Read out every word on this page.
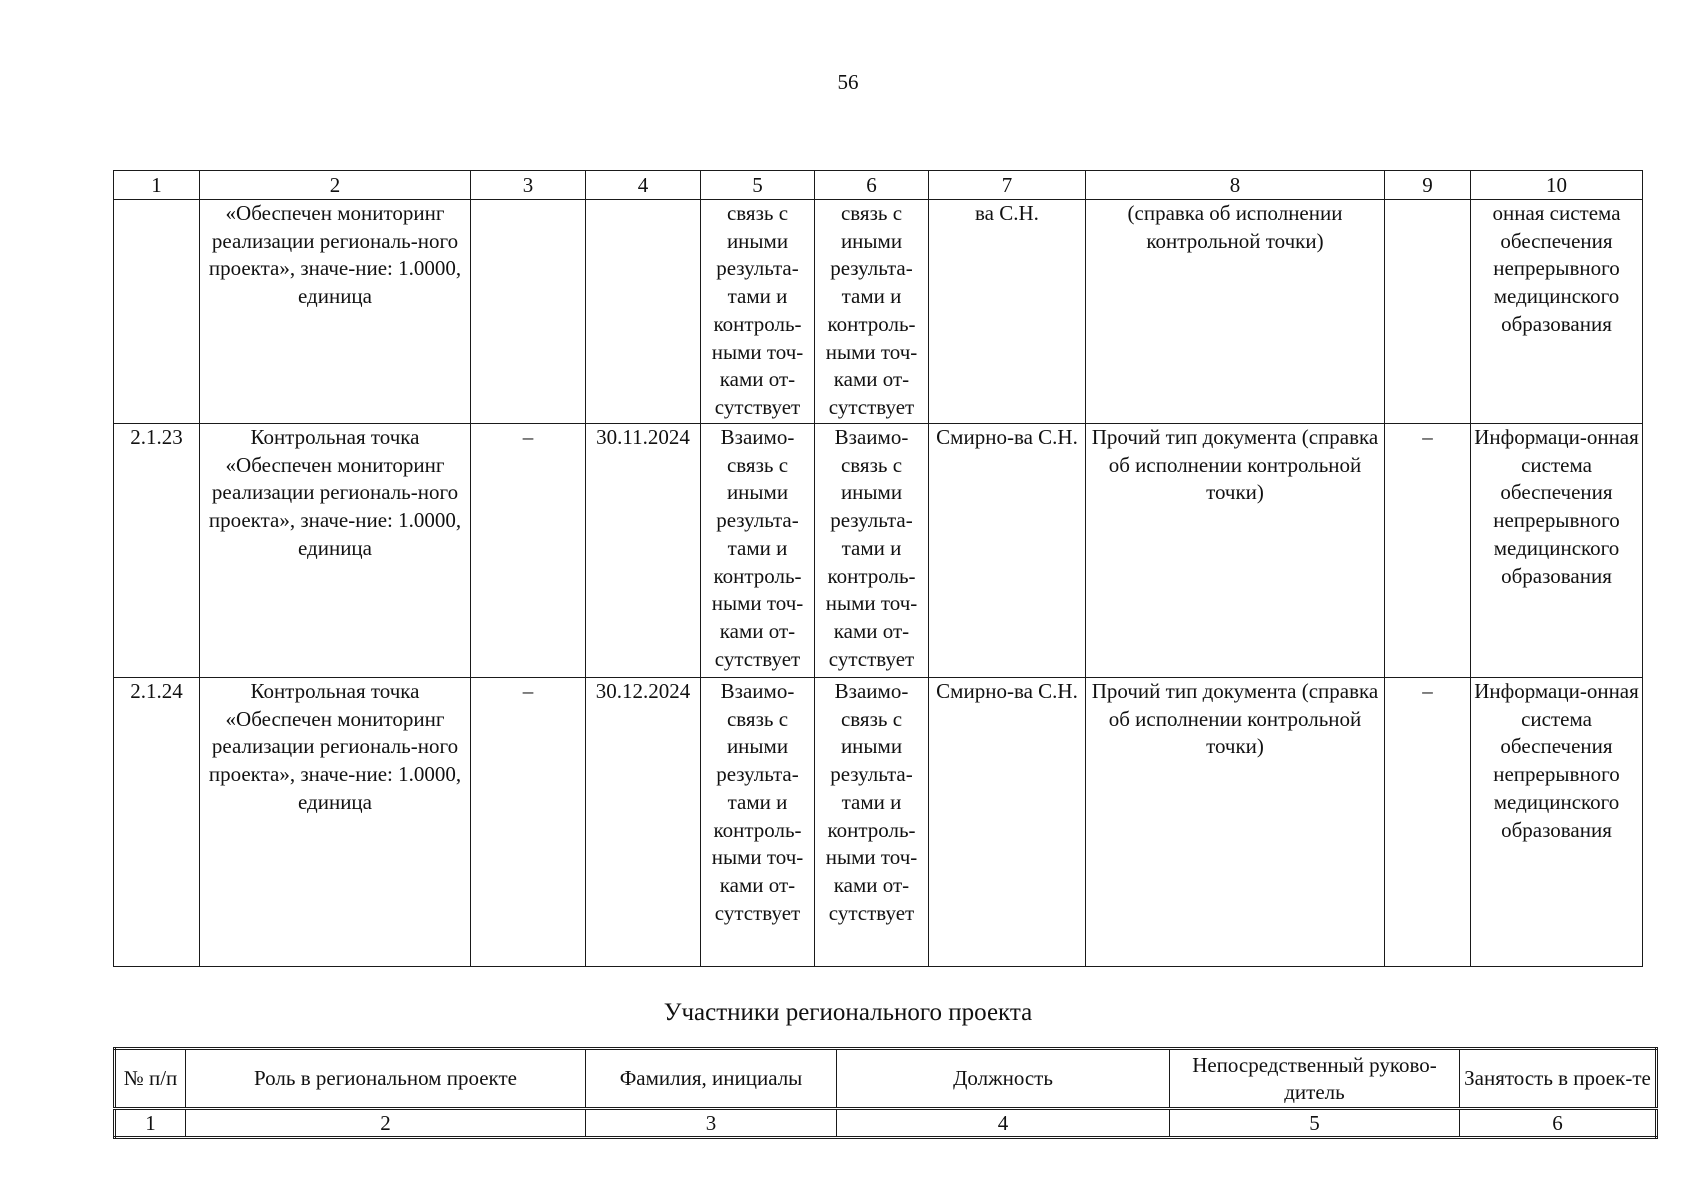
56
1	2	3	4	5	6	7	8	9	10
	«Обеспечен мониторинг реализации региональ-ного проекта», значе-ние: 1.0000, единица			связь с иными результа-тами и контроль-ными точ-ками от-сутствует	связь с иными результа-тами и контроль-ными точ-ками от-сутствует	ва С.Н.	(справка об исполнении контрольной точки)		онная система обеспечения непрерывного медицинского образования
2.1.23	Контрольная точка «Обеспечен мониторинг реализации региональ-ного проекта», значе-ние: 1.0000, единица	–	30.11.2024	Взаимо-связь с иными результа-тами и контроль-ными точ-ками от-сутствует	Взаимо-связь с иными результа-тами и контроль-ными точ-ками от-сутствует	Смирно-ва С.Н.	Прочий тип документа (справка об исполнении контрольной точки)	–	Информаци-онная система обеспечения непрерывного медицинского образования
2.1.24	Контрольная точка «Обеспечен мониторинг реализации региональ-ного проекта», значе-ние: 1.0000, единица	–	30.12.2024	Взаимо-связь с иными результа-тами и контроль-ными точ-ками от-сутствует	Взаимо-связь с иными результа-тами и контроль-ными точ-ками от-сутствует	Смирно-ва С.Н.	Прочий тип документа (справка об исполнении контрольной точки)	–	Информаци-онная система обеспечения непрерывного медицинского образования
Участники регионального проекта
№ п/п	Роль в региональном проекте	Фамилия, инициалы	Должность	Непосредственный руково-дитель	Занятость в проек-те
1	2	3	4	5	6
